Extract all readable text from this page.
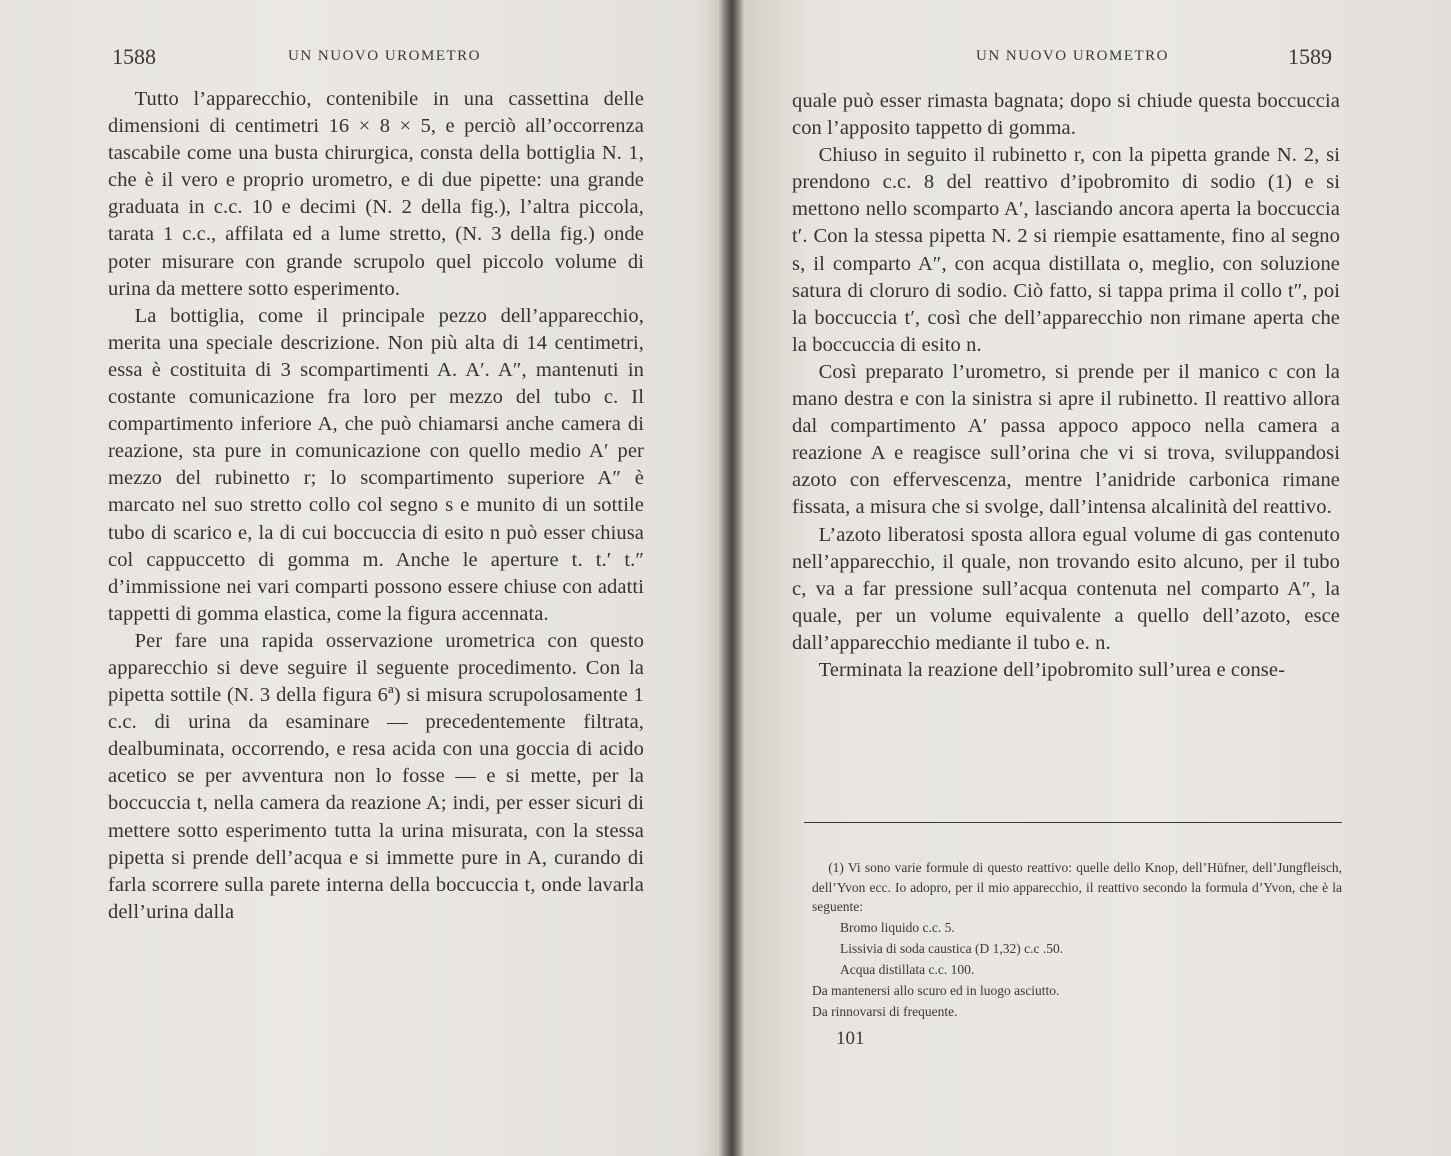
1588	UN NUOVO UROMETRO

Tutto l’apparecchio, contenibile in una cassettina delle dimensioni di centimetri 16 × 8 × 5, e perciò all’occorrenza tascabile come una busta chirurgica, consta della bottiglia N. 1, che è il vero e proprio urometro, e di due pipette: una grande graduata in c.c. 10 e decimi (N. 2 della fig.), l’altra piccola, tarata 1 c.c., affilata ed a lume stretto, (N. 3 della fig.) onde poter misurare con grande scrupolo quel piccolo volume di urina da mettere sotto esperimento.

La bottiglia, come il principale pezzo dell’apparecchio, merita una speciale descrizione. Non più alta di 14 centimetri, essa è costituita di 3 scompartimenti A. A′. A″, mantenuti in costante comunicazione fra loro per mezzo del tubo c. Il compartimento inferiore A, che può chiamarsi anche camera di reazione, sta pure in comunicazione con quello medio A′ per mezzo del rubinetto r; lo scompartimento superiore A″ è marcato nel suo stretto collo col segno s e munito di un sottile tubo di scarico e, la di cui boccuccia di esito n può esser chiusa col cappuccetto di gomma m. Anche le aperture t. t.′ t.″ d’immissione nei vari comparti possono essere chiuse con adatti tappetti di gomma elastica, come la figura accennata.

Per fare una rapida osservazione urometrica con questo apparecchio si deve seguire il seguente procedimento. Con la pipetta sottile (N. 3 della figura 6ª) si misura scrupolosamente 1 c.c. di urina da esaminare — precedentemente filtrata, dealbuminata, occorrendo, e resa acida con una goccia di acido acetico se per avventura non lo fosse — e si mette, per la boccuccia t, nella camera da reazione A; indi, per esser sicuri di mettere sotto esperimento tutta la urina misurata, con la stessa pipetta si prende dell’acqua e si immette pure in A, curando di farla scorrere sulla parete interna della boccuccia t, onde lavarla dell’urina dalla

UN NUOVO UROMETRO	1589

quale può esser rimasta bagnata; dopo si chiude questa boccuccia con l’apposito tappetto di gomma.

Chiuso in seguito il rubinetto r, con la pipetta grande N. 2, si prendono c.c. 8 del reattivo d’ipobromito di sodio (1) e si mettono nello scomparto A′, lasciando ancora aperta la boccuccia t′. Con la stessa pipetta N. 2 si riempie esattamente, fino al segno s, il comparto A″, con acqua distillata o, meglio, con soluzione satura di cloruro di sodio. Ciò fatto, si tappa prima il collo t″, poi la boccuccia t′, così che dell’apparecchio non rimane aperta che la boccuccia di esito n.

Così preparato l’urometro, si prende per il manico c con la mano destra e con la sinistra si apre il rubinetto. Il reattivo allora dal compartimento A′ passa appoco appoco nella camera a reazione A e reagisce sull’orina che vi si trova, sviluppandosi azoto con effervescenza, mentre l’anidride carbonica rimane fissata, a misura che si svolge, dall’intensa alcalinità del reattivo.

L’azoto liberatosi sposta allora egual volume di gas contenuto nell’apparecchio, il quale, non trovando esito alcuno, per il tubo c, va a far pressione sull’acqua contenuta nel comparto A″, la quale, per un volume equivalente a quello dell’azoto, esce dall’apparecchio mediante il tubo e. n.

Terminata la reazione dell’ipobromito sull’urea e conse-

(1) Vi sono varie formule di questo reattivo: quelle dello Knop, dell’Hüfner, dell’Jungfleisch, dell’Yvon ecc. Io adopro, per il mio apparecchio, il reattivo secondo la formula d’Yvon, che è la seguente:

Bromo liquido c.c. 5.
Lissivia di soda caustica (D 1,32) c.c .50.
Acqua distillata c.c. 100.
Da mantenersi allo scuro ed in luogo asciutto.
Da rinnovarsi di frequente.
101
